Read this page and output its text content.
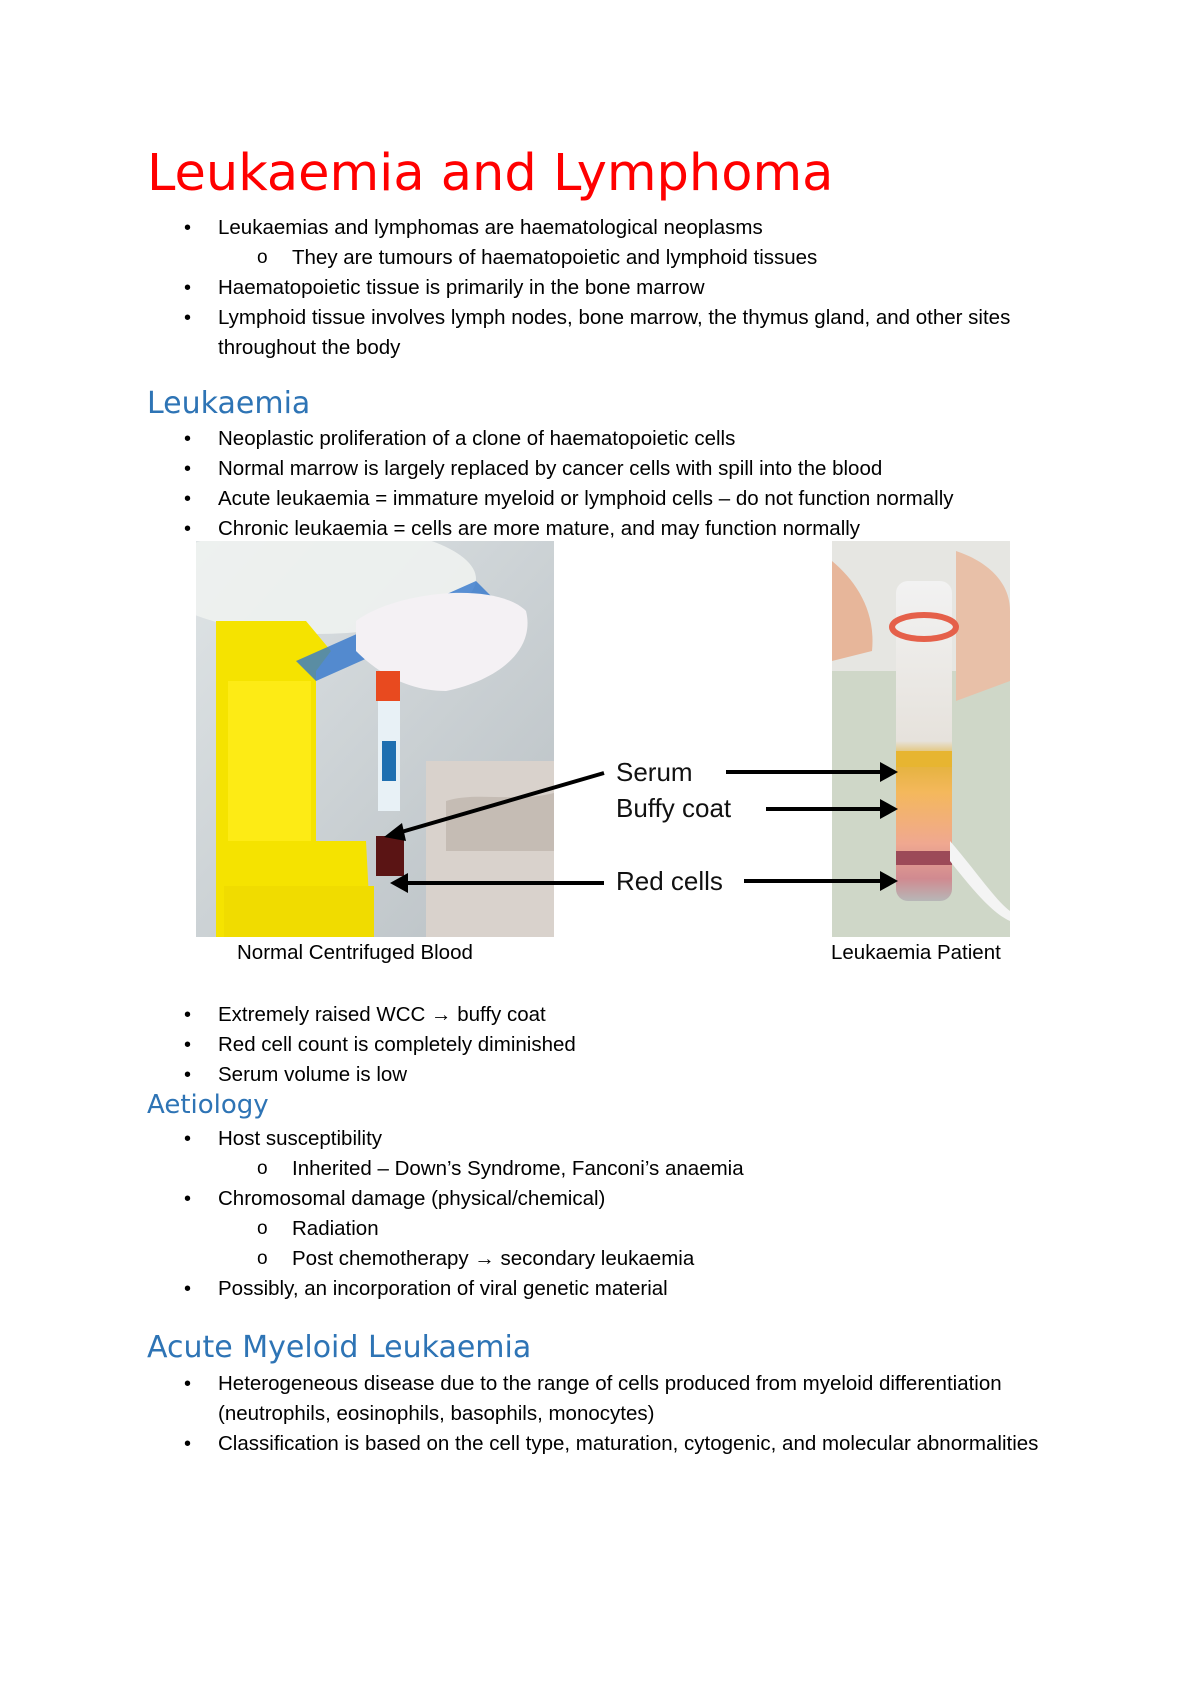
Leukaemia and Lymphoma
• Leukaemias and lymphomas are haematological neoplasms
o They are tumours of haematopoietic and lymphoid tissues
• Haematopoietic tissue is primarily in the bone marrow
• Lymphoid tissue involves lymph nodes, bone marrow, the thymus gland, and other sites throughout the body
Leukaemia
• Neoplastic proliferation of a clone of haematopoietic cells
• Normal marrow is largely replaced by cancer cells with spill into the blood
• Acute leukaemia = immature myeloid or lymphoid cells – do not function normally
• Chronic leukaemia = cells are more mature, and may function normally
Serum
Buffy coat
Red cells
Normal Centrifuged Blood	Leukaemia Patient
• Extremely raised WCC → buffy coat
• Red cell count is completely diminished
• Serum volume is low
Aetiology
• Host susceptibility
o Inherited – Down’s Syndrome, Fanconi’s anaemia
• Chromosomal damage (physical/chemical)
o Radiation
o Post chemotherapy → secondary leukaemia
• Possibly, an incorporation of viral genetic material
Acute Myeloid Leukaemia
• Heterogeneous disease due to the range of cells produced from myeloid differentiation (neutrophils, eosinophils, basophils, monocytes)
• Classification is based on the cell type, maturation, cytogenic, and molecular abnormalities
